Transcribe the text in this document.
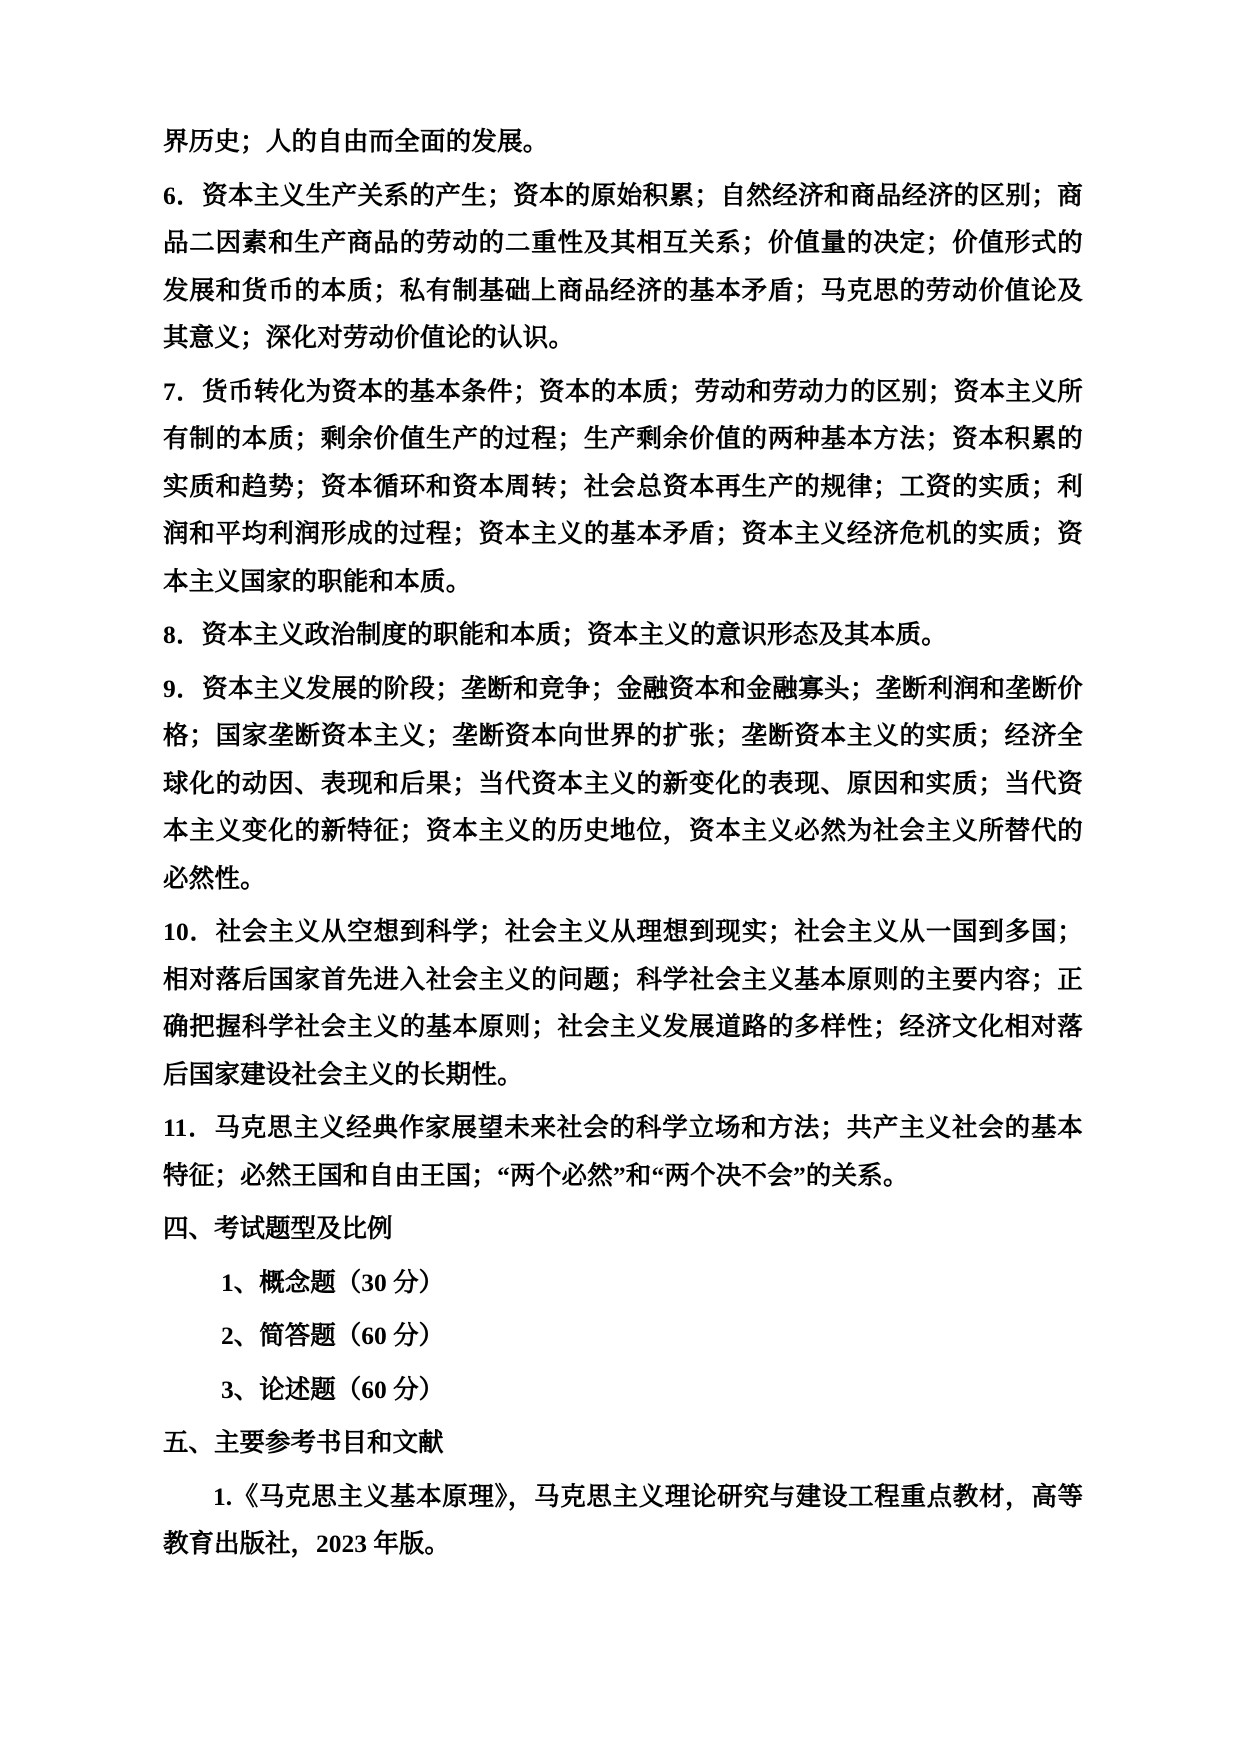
界历史；人的自由而全面的发展。

6．资本主义生产关系的产生；资本的原始积累；自然经济和商品经济的区别；商品二因素和生产商品的劳动的二重性及其相互关系；价值量的决定；价值形式的发展和货币的本质；私有制基础上商品经济的基本矛盾；马克思的劳动价值论及其意义；深化对劳动价值论的认识。

7．货币转化为资本的基本条件；资本的本质；劳动和劳动力的区别；资本主义所有制的本质；剩余价值生产的过程；生产剩余价值的两种基本方法；资本积累的实质和趋势；资本循环和资本周转；社会总资本再生产的规律；工资的实质；利润和平均利润形成的过程；资本主义的基本矛盾；资本主义经济危机的实质；资本主义国家的职能和本质。

8．资本主义政治制度的职能和本质；资本主义的意识形态及其本质。

9．资本主义发展的阶段；垄断和竞争；金融资本和金融寡头；垄断利润和垄断价格；国家垄断资本主义；垄断资本向世界的扩张；垄断资本主义的实质；经济全球化的动因、表现和后果；当代资本主义的新变化的表现、原因和实质；当代资本主义变化的新特征；资本主义的历史地位，资本主义必然为社会主义所替代的必然性。

10．社会主义从空想到科学；社会主义从理想到现实；社会主义从一国到多国；相对落后国家首先进入社会主义的问题；科学社会主义基本原则的主要内容；正确把握科学社会主义的基本原则；社会主义发展道路的多样性；经济文化相对落后国家建设社会主义的长期性。

11．马克思主义经典作家展望未来社会的科学立场和方法；共产主义社会的基本特征；必然王国和自由王国；“两个必然”和“两个决不会”的关系。

四、考试题型及比例

1、概念题（30 分）

2、简答题（60 分）

3、论述题（60 分）

五、主要参考书目和文献

1.《马克思主义基本原理》，马克思主义理论研究与建设工程重点教材，高等教育出版社，2023 年版。
